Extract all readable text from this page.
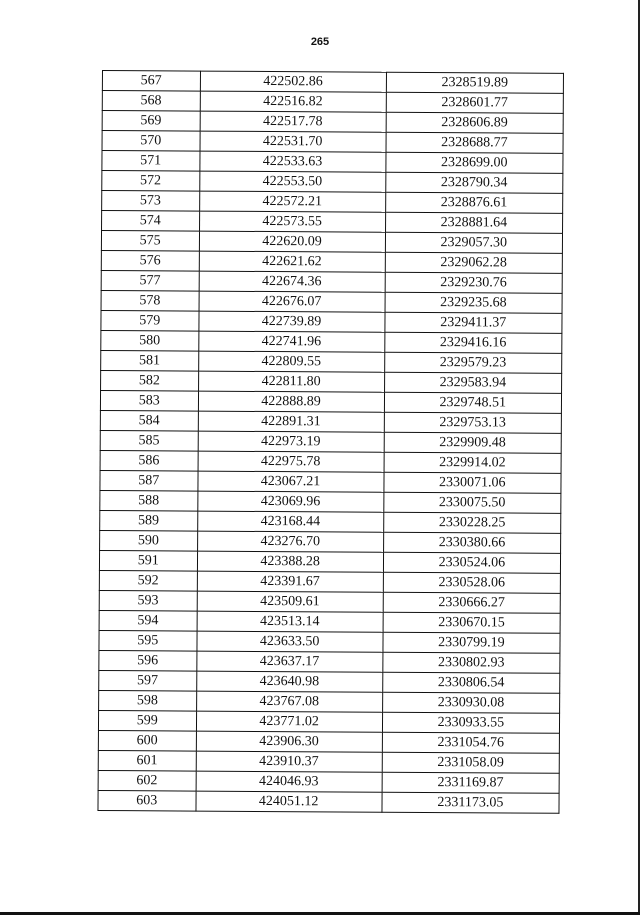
265
567	422502.86	2328519.89
568	422516.82	2328601.77
569	422517.78	2328606.89
570	422531.70	2328688.77
571	422533.63	2328699.00
572	422553.50	2328790.34
573	422572.21	2328876.61
574	422573.55	2328881.64
575	422620.09	2329057.30
576	422621.62	2329062.28
577	422674.36	2329230.76
578	422676.07	2329235.68
579	422739.89	2329411.37
580	422741.96	2329416.16
581	422809.55	2329579.23
582	422811.80	2329583.94
583	422888.89	2329748.51
584	422891.31	2329753.13
585	422973.19	2329909.48
586	422975.78	2329914.02
587	423067.21	2330071.06
588	423069.96	2330075.50
589	423168.44	2330228.25
590	423276.70	2330380.66
591	423388.28	2330524.06
592	423391.67	2330528.06
593	423509.61	2330666.27
594	423513.14	2330670.15
595	423633.50	2330799.19
596	423637.17	2330802.93
597	423640.98	2330806.54
598	423767.08	2330930.08
599	423771.02	2330933.55
600	423906.30	2331054.76
601	423910.37	2331058.09
602	424046.93	2331169.87
603	424051.12	2331173.05
